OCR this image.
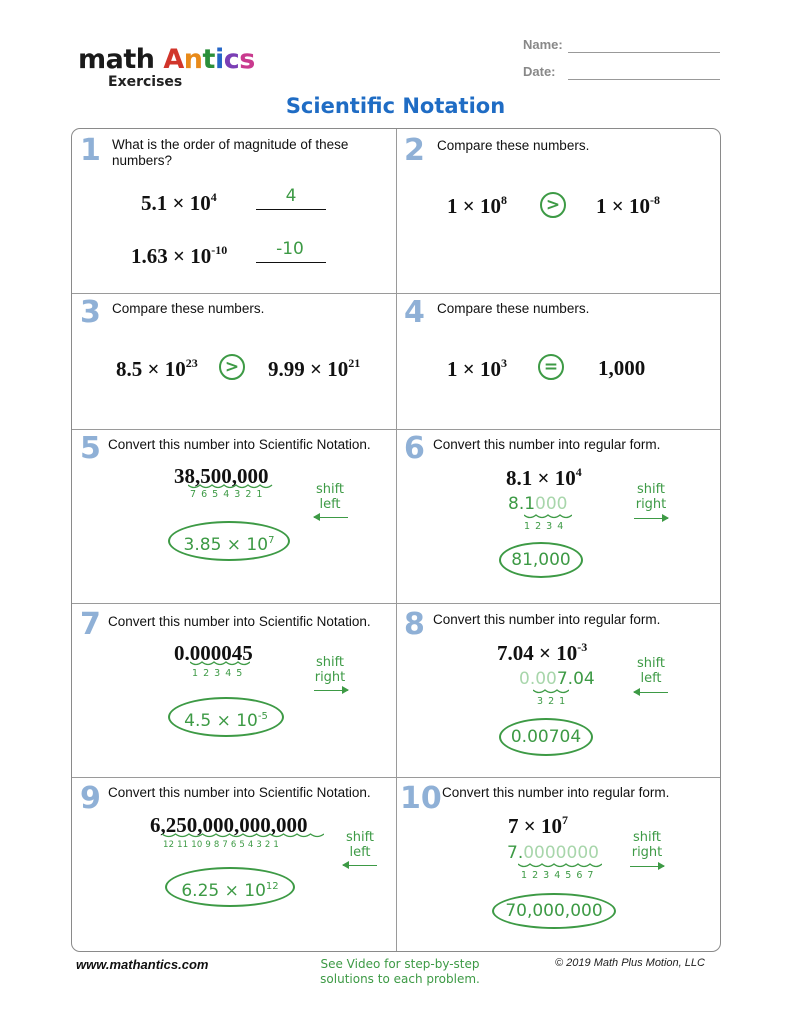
math Antics
Exercises
Name:
Date:
Scientific Notation
1 What is the order of magnitude of these numbers?
$5.1 \times 10^4$	4
$1.63 \times 10^{-10}$	-10
2 Compare these numbers.
$1 \times 10^8$	> $1 \times 10^{-8}$
3 Compare these numbers.
$8.5 \times 10^{23}$	> $9.99 \times 10^{21}$
4 Compare these numbers.
$1 \times 10^3$	= 1,000
5 Convert this number into Scientific Notation.
38,500,000
7 6 5 4 3 2 1	shift
left
$3.85 \times 10^7$
6 Convert this number into regular form.
$8.1 \times 10^4$
8.1000
1 2 3 4
shift
right
81,000
7 Convert this number into Scientific Notation.
0.000045
1 2 3 4 5
shift
right
$4.5 \times 10^{-5}$
8 Convert this number into regular form.
$7.04 \times 10^{-3}$
0.007.04
3 2 1
shift
left
0.00704
9 Convert this number into Scientific Notation.
6,250,000,000,000
12 11 10 9 8 7 6 5 4 3 2 1	shift
left
$6.25 \times 10^{12}$
10 Convert this number into regular form.
$7 \times 10^7$
7.0000000
1 2 3 4 5 6 7
shift
right
70,000,000
www.mathantics.com	See Video for step-by-step
solutions to each problem.
© 2019 Math Plus Motion, LLC
